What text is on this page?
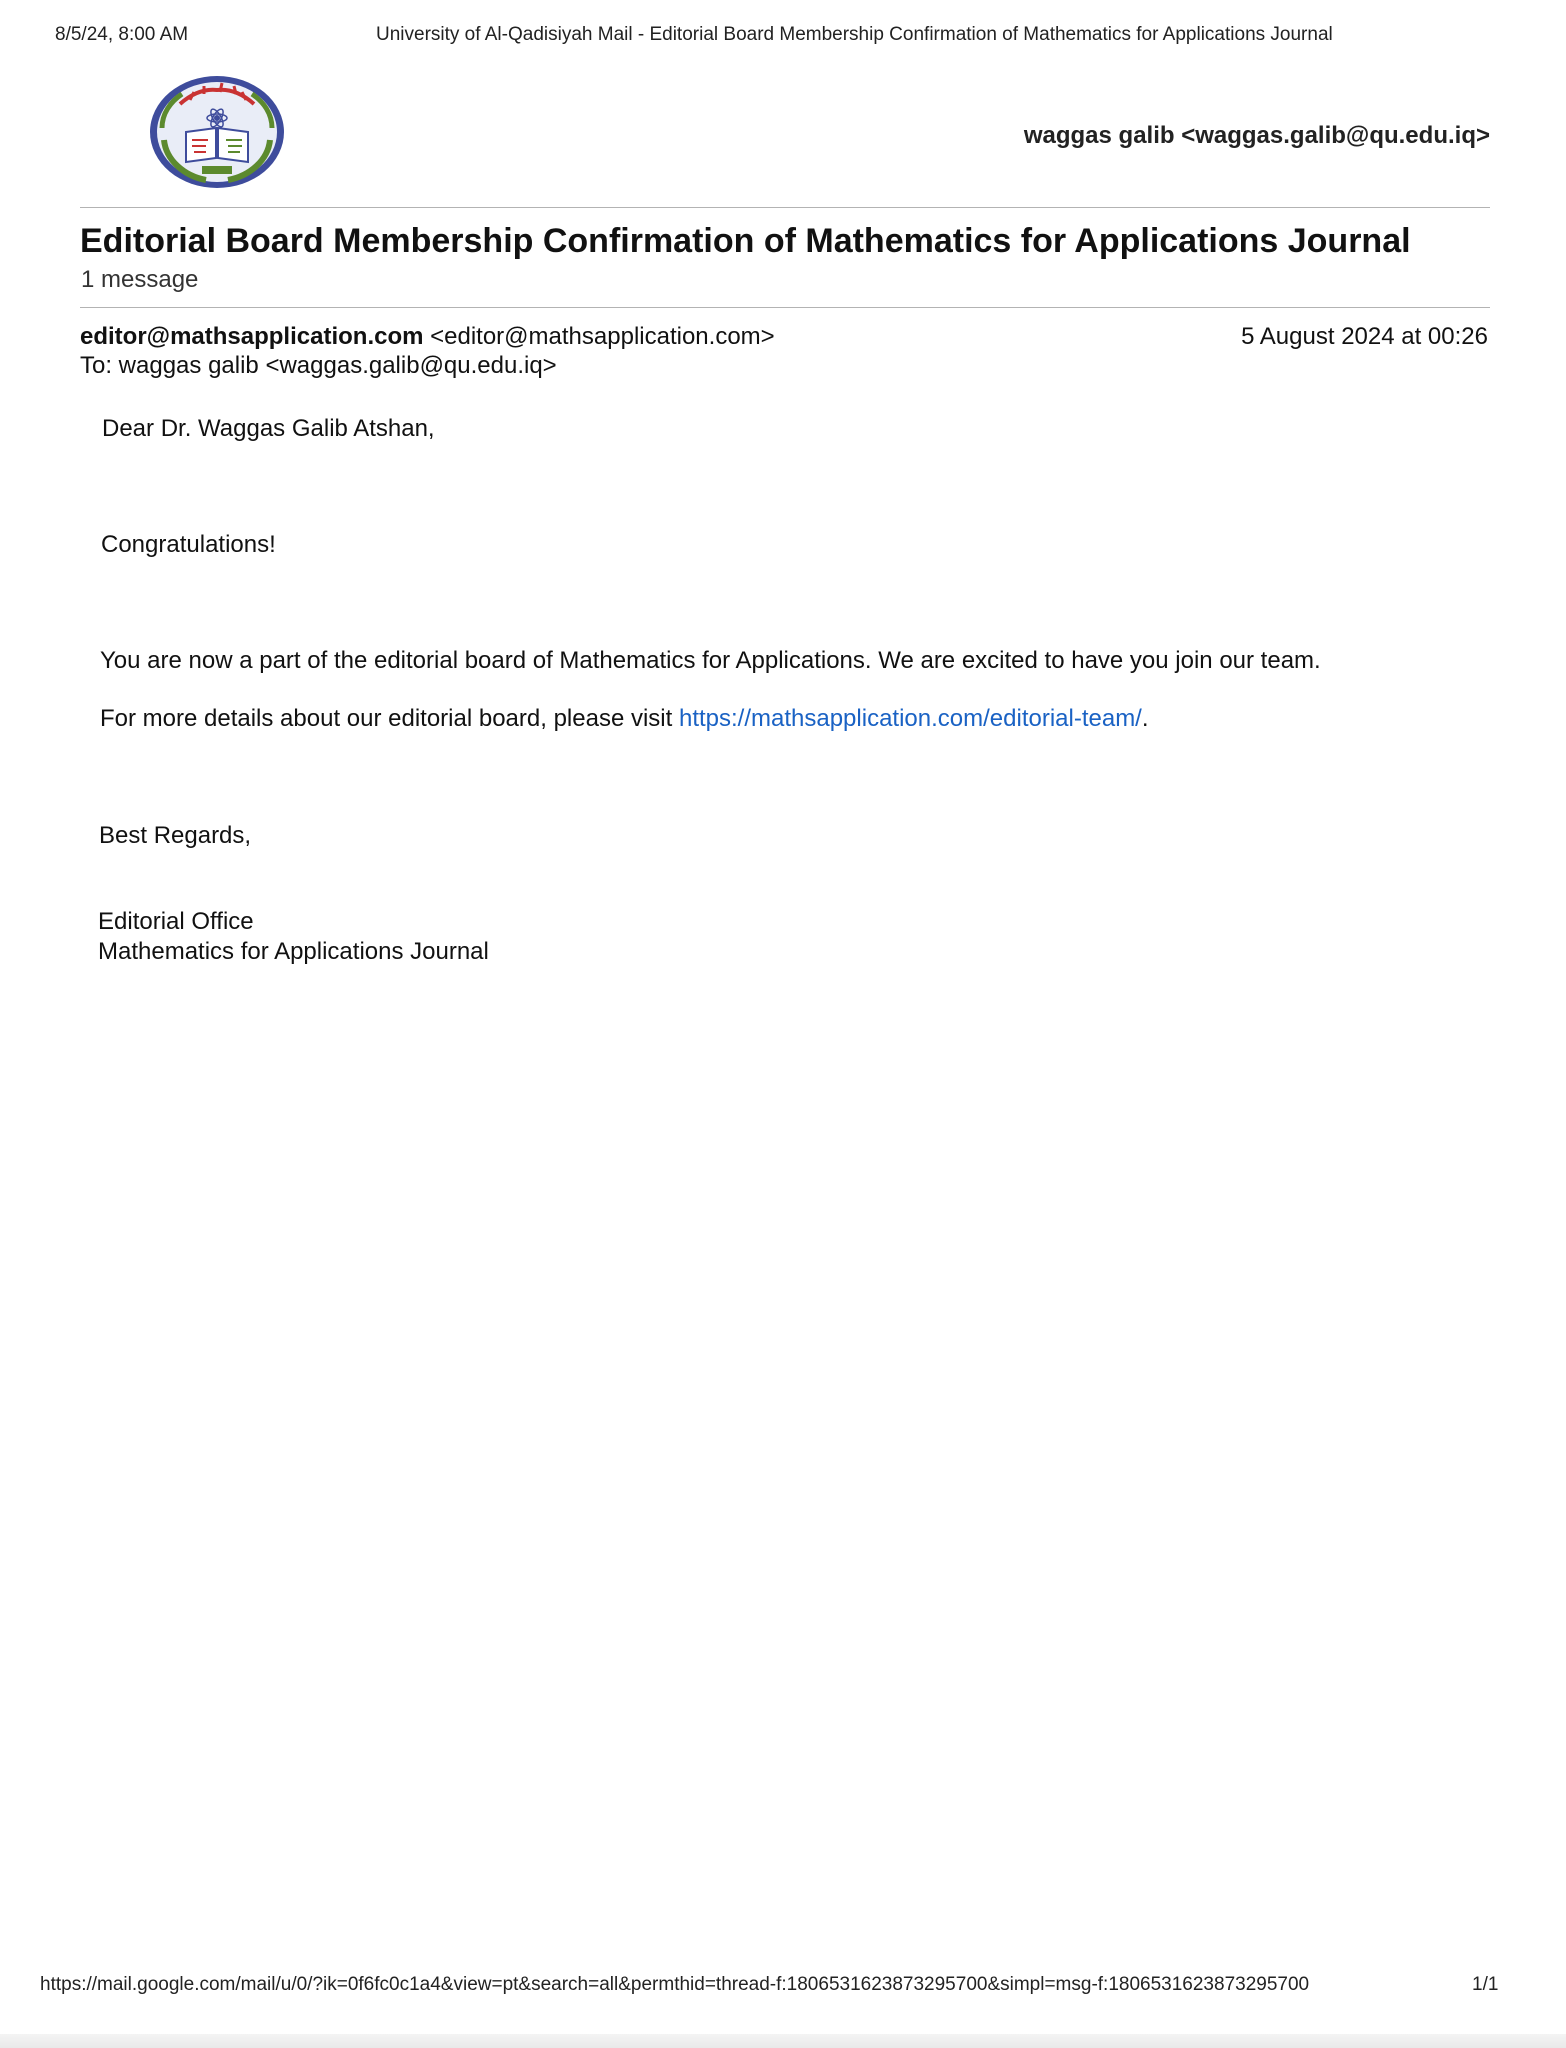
8/5/24, 8:00 AM	University of Al-Qadisiyah Mail - Editorial Board Membership Confirmation of Mathematics for Applications Journal
waggas galib <waggas.galib@qu.edu.iq>
Editorial Board Membership Confirmation of Mathematics for Applications Journal
1 message
editor@mathsapplication.com <editor@mathsapplication.com>
To: waggas galib <waggas.galib@qu.edu.iq>
5 August 2024 at 00:26
Dear Dr. Waggas Galib Atshan,
Congratulations!
You are now a part of the editorial board of Mathematics for Applications. We are excited to have you join our team.
For more details about our editorial board, please visit https://mathsapplication.com/editorial-team/.
Best Regards,
Editorial Office
Mathematics for Applications Journal
https://mail.google.com/mail/u/0/?ik=0f6fc0c1a4&view=pt&search=all&permthid=thread-f:1806531623873295700&simpl=msg-f:1806531623873295700	1/1
